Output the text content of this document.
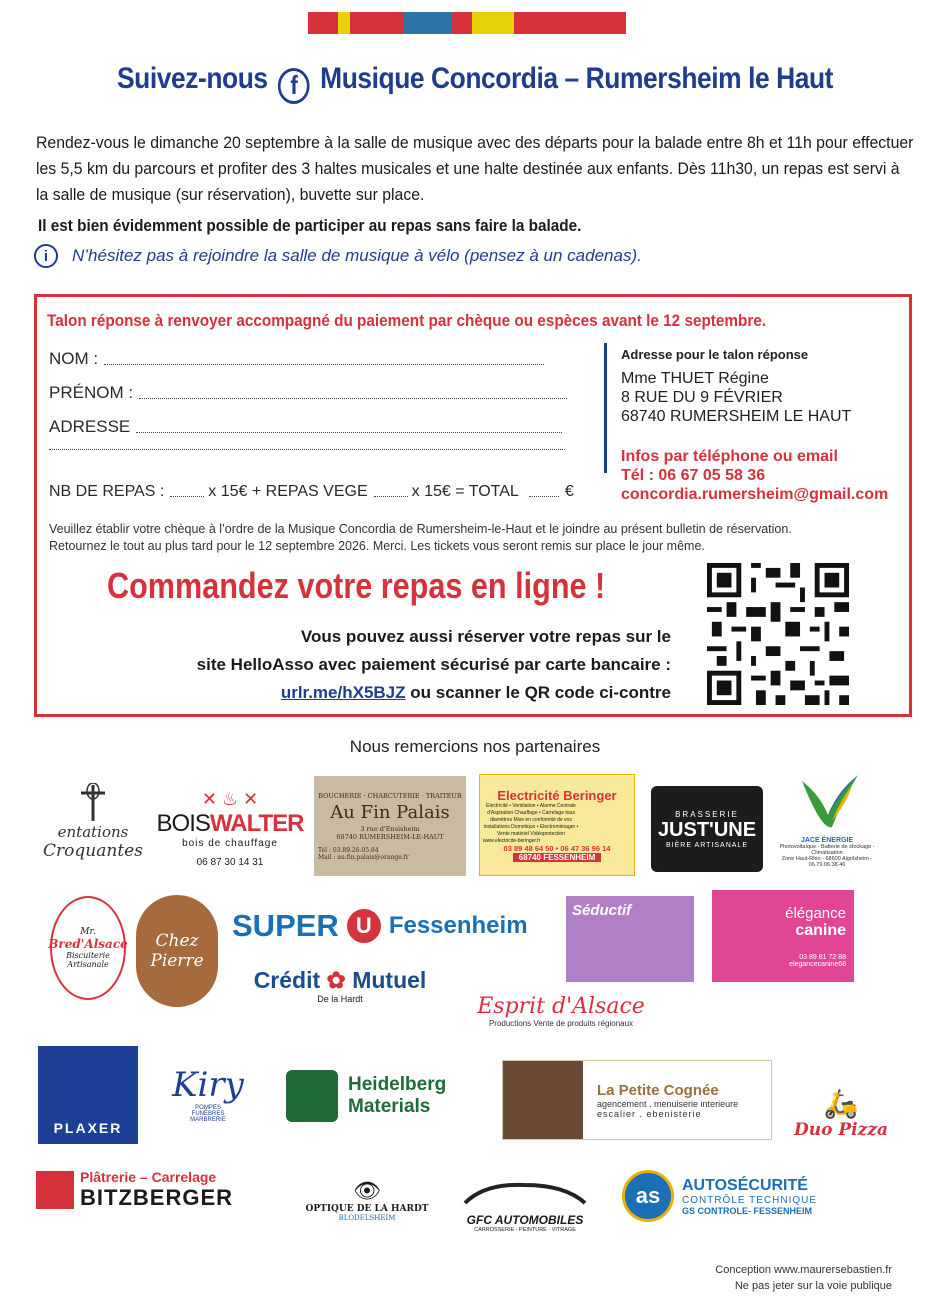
Suivez-nous f Musique Concordia – Rumersheim le Haut
Rendez-vous le dimanche 20 septembre à la salle de musique avec des départs pour la balade entre 8h et 11h pour effectuer les 5,5 km du parcours et profiter des 3 haltes musicales et une halte destinée aux enfants. Dès 11h30, un repas est servi à la salle de musique (sur réservation), buvette sur place.
Il est bien évidemment possible de participer au repas sans faire la balade.
i	N’hésitez pas à rejoindre la salle de musique à vélo (pensez à un cadenas).
Talon réponse à renvoyer accompagné du paiement par chèque ou espèces avant le 12 septembre.
NOM :
PRÉNOM :
ADRESSE
Adresse pour le talon réponse
Mme THUET Régine
8 RUE DU 9 FÉVRIER
68740 RUMERSHEIM LE HAUT
Infos par téléphone ou email
Tél : 06 67 05 58 36
concordia.rumersheim@gmail.com
NB DE REPAS :	x 15€ + REPAS VEGE	x 15€ = TOTAL	€
Veuillez établir votre chèque à l’ordre de la Musique Concordia de Rumersheim-le-Haut et le joindre au présent bulletin de réservation.
Retournez le tout au plus tard pour le 12 septembre 2026. Merci. Les tickets vous seront remis sur place le jour même.
Commandez votre repas en ligne !
Vous pouvez aussi réserver votre repas sur le
site HelloAsso avec paiement sécurisé par carte bancaire :
urlr.me/hX5BJZ ou scanner le QR code ci-contre
Nous remercions nos partenaires
entations
Croquantes
✕ ♨ ✕
BOISWALTER
bois de chauffage
06 87 30 14 31
BOUCHERIE · CHARCUTERIE · TRAITEUR
Au Fin Palais
3 rue d'Ensisheim
68740 RUMERSHEIM-LE-HAUT
Tél : 03.89.26.05.84
Mail : au.fin.palais@orange.fr
Electricité Beringer
Electricité • Ventilation • Alarme Centrale d'Aspiration Chauffage • Carrelage tous diamètres Mise en conformité de vos installations Domotique • Electroménager • Vente matériel Vidéoprotection
www.electricite-beringer.fr
03 89 48 64 50 • 06 47 36 96 14
68740 FESSENHEIM
BRASSERIE
JUST'UNE
BIÈRE ARTISANALE
JACE ÉNERGIE
Photovoltaïque - Batterie de stockage - Climatisation
Zone Haut-Rhin - 68600 Algolsheim - 06.79.06.38.46
Mr.
Bred'Alsace
Biscuiterie Artisanale
Chez Pierre
SUPER U Fessenheim
Séductif	élégance
canine
03 89 81 72 88
elegancecanine68
Crédit ✿ Mutuel
De la Hardt	Esprit d'Alsace
Productions Vente de produits régionaux
PLAXER
Kiry
POMPES
FUNÈBRES
MARBRERIE
Heidelberg
Materials
La Petite Cognée
agencement . menuiserie interieure
escalier . ebenisterie	🛵
Duo Pizza
Plâtrerie – Carrelage
BITZBERGER	👁
OPTIQUE DE LA HARDT
BLODELSHEIM	GFC AUTOMOBILES
CARROSSERIE · PEINTURE · VITRAGE
as	AUTOSÉCURITÉ
CONTRÔLE TECHNIQUE
GS CONTROLE- FESSENHEIM
Conception www.maurersebastien.fr
Ne pas jeter sur la voie publique
